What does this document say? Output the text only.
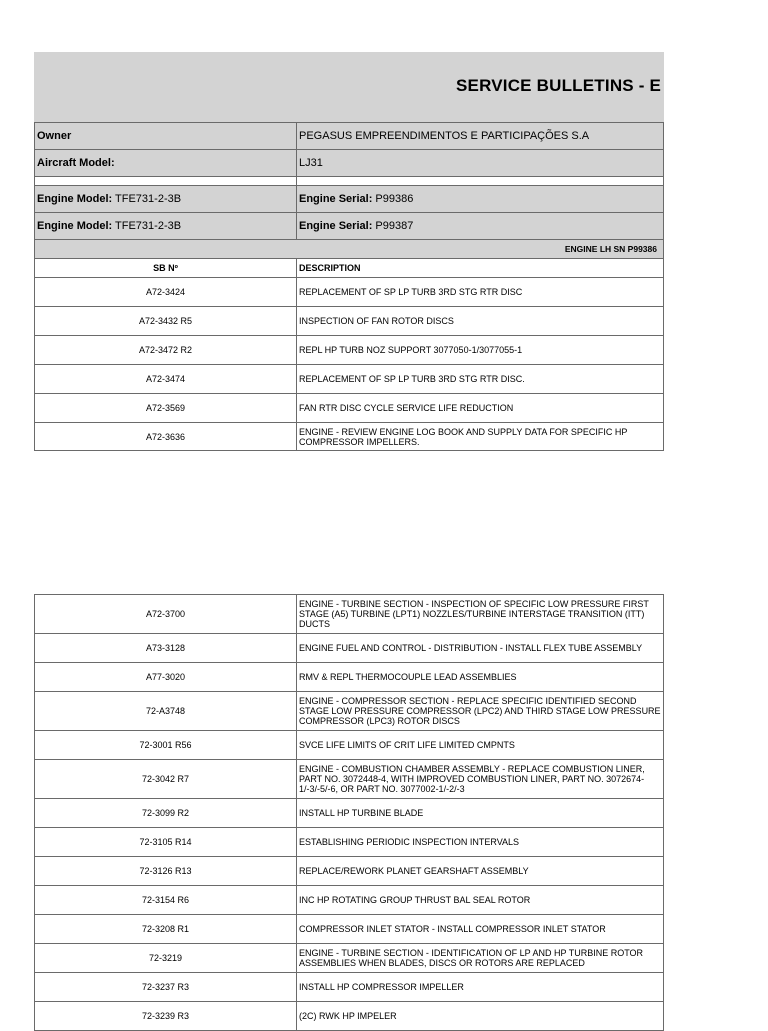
SERVICE BULLETINS - E
Owner	PEGASUS EMPREENDIMENTOS E PARTICIPAÇÕES S.A
Aircraft Model:	LJ31

Engine Model: TFE731-2-3B	Engine Serial: P99386
Engine Model: TFE731-2-3B	Engine Serial: P99387
ENGINE LH SN P99386	
SB Nº	DESCRIPTION
A72-3424	REPLACEMENT OF SP LP TURB 3RD STG RTR DISC
A72-3432 R5	INSPECTION OF FAN ROTOR DISCS
A72-3472 R2	REPL HP TURB NOZ SUPPORT 3077050-1/3077055-1
A72-3474	REPLACEMENT OF SP LP TURB 3RD STG RTR DISC.
A72-3569	FAN RTR DISC CYCLE SERVICE LIFE REDUCTION
A72-3636	ENGINE - REVIEW ENGINE LOG BOOK AND SUPPLY DATA FOR SPECIFIC HP COMPRESSOR IMPELLERS.
A72-3700	ENGINE - TURBINE SECTION - INSPECTION OF SPECIFIC LOW PRESSURE FIRST STAGE (A5) TURBINE (LPT1) NOZZLES/TURBINE INTERSTAGE TRANSITION (ITT) DUCTS
A73-3128	ENGINE FUEL AND CONTROL - DISTRIBUTION - INSTALL FLEX TUBE ASSEMBLY
A77-3020	RMV & REPL THERMOCOUPLE LEAD ASSEMBLIES
72-A3748	ENGINE - COMPRESSOR SECTION - REPLACE SPECIFIC IDENTIFIED SECOND STAGE LOW PRESSURE COMPRESSOR (LPC2) AND THIRD STAGE LOW PRESSURE COMPRESSOR (LPC3) ROTOR DISCS
72-3001 R56	SVCE LIFE LIMITS OF CRIT LIFE LIMITED CMPNTS
72-3042 R7	ENGINE - COMBUSTION CHAMBER ASSEMBLY - REPLACE COMBUSTION LINER, PART NO. 3072448-4, WITH IMPROVED COMBUSTION LINER, PART NO. 3072674-1/-3/-5/-6, OR PART NO. 3077002-1/-2/-3
72-3099 R2	INSTALL HP TURBINE BLADE
72-3105 R14	ESTABLISHING PERIODIC INSPECTION INTERVALS
72-3126 R13	REPLACE/REWORK PLANET GEARSHAFT ASSEMBLY
72-3154 R6	INC HP ROTATING GROUP THRUST BAL SEAL ROTOR
72-3208 R1	COMPRESSOR INLET STATOR - INSTALL COMPRESSOR INLET STATOR
72-3219	ENGINE - TURBINE SECTION - IDENTIFICATION OF LP AND HP TURBINE ROTOR ASSEMBLIES WHEN BLADES, DISCS OR ROTORS ARE REPLACED
72-3237 R3	INSTALL HP COMPRESSOR IMPELLER
72-3239 R3	(2C) RWK HP IMPELER
